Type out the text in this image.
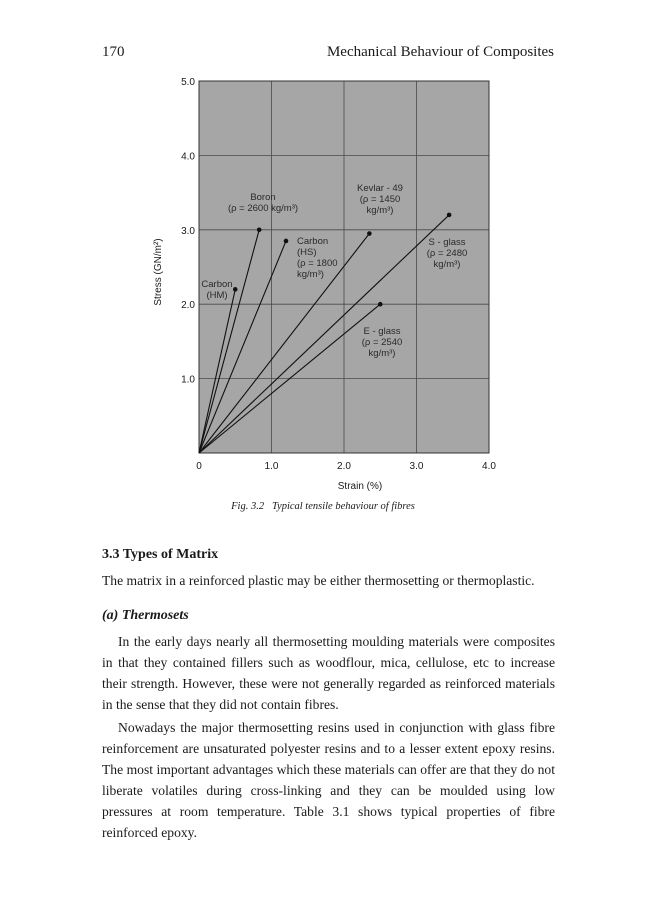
170	Mechanical Behaviour of Composites
0	1.0	2.0	3.0	4.0
1.0
2.0
3.0
4.0
5.0
Boron (ρ = 2600 kg/m³)
Carbon (HM)
Carbon (HS) (ρ = 1800 kg/m³)
Kevlar - 49 (ρ = 1450 kg/m³)
S - glass (ρ = 2480 kg/m³)
E - glass (ρ = 2540 kg/m³)
Strain (%)
Stress (GN/m²)
Fig. 3.2 Typical tensile behaviour of fibres
3.3 Types of Matrix

The matrix in a reinforced plastic may be either thermosetting or thermoplastic.

(a) Thermosets

In the early days nearly all thermosetting moulding materials were composites in that they contained fillers such as woodflour, mica, cellulose, etc to increase their strength. However, these were not generally regarded as reinforced materials in the sense that they did not contain fibres.

Nowadays the major thermosetting resins used in conjunction with glass fibre reinforcement are unsaturated polyester resins and to a lesser extent epoxy resins. The most important advantages which these materials can offer are that they do not liberate volatiles during cross-linking and they can be moulded using low pressures at room temperature. Table 3.1 shows typical properties of fibre reinforced epoxy.
